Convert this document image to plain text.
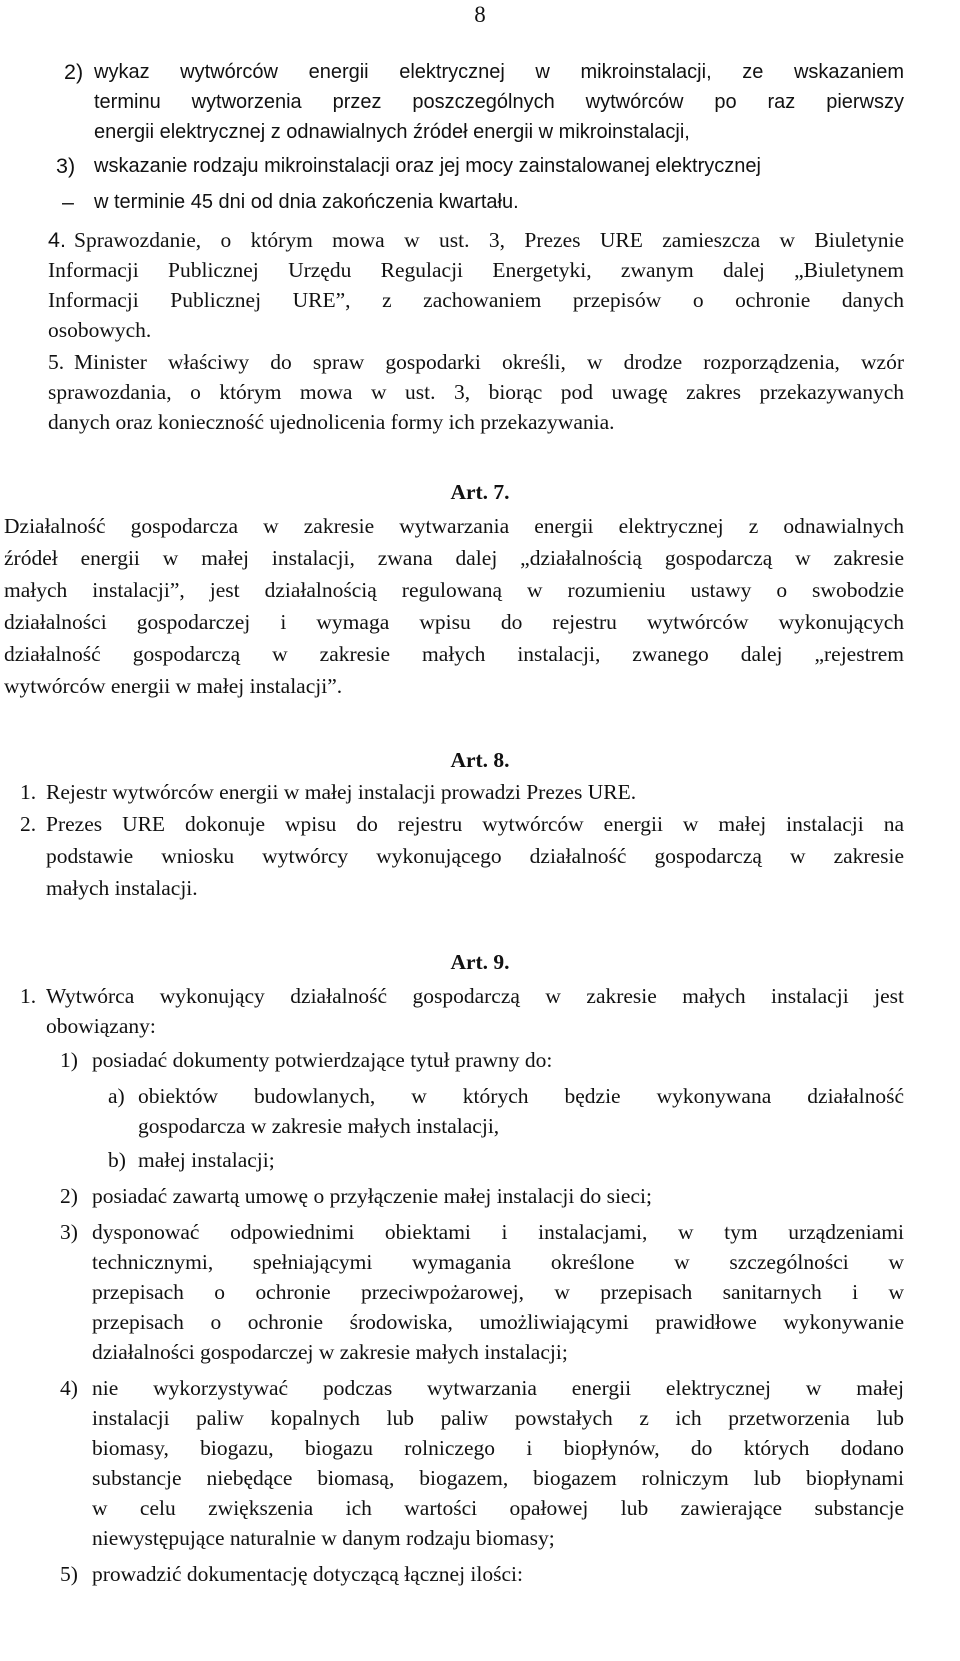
8
2) wykaz wytwórców energii elektrycznej w mikroinstalacji, ze wskazaniem
terminu wytworzenia przez poszczególnych wytwórców po raz pierwszy
energii elektrycznej z odnawialnych źródeł energii w mikroinstalacji,
3) wskazanie rodzaju mikroinstalacji oraz jej mocy zainstalowanej elektrycznej
– w terminie 45 dni od dnia zakończenia kwartału.
4. Sprawozdanie, o którym mowa w ust. 3, Prezes URE zamieszcza w Biuletynie
Informacji Publicznej Urzędu Regulacji Energetyki, zwanym dalej „Biuletynem
Informacji Publicznej URE”, z zachowaniem przepisów o ochronie danych
osobowych.
5. Minister właściwy do spraw gospodarki określi, w drodze rozporządzenia, wzór
sprawozdania, o którym mowa w ust. 3, biorąc pod uwagę zakres przekazywanych
danych oraz konieczność ujednolicenia formy ich przekazywania.
Art. 7.
Działalność gospodarcza w zakresie wytwarzania energii elektrycznej z odnawialnych
źródeł energii w małej instalacji, zwana dalej „działalnością gospodarczą w zakresie
małych instalacji”, jest działalnością regulowaną w rozumieniu ustawy o swobodzie
działalności gospodarczej i wymaga wpisu do rejestru wytwórców wykonujących
działalność gospodarczą w zakresie małych instalacji, zwanego dalej „rejestrem
wytwórców energii w małej instalacji”.
Art. 8.
1. Rejestr wytwórców energii w małej instalacji prowadzi Prezes URE.
2. Prezes URE dokonuje wpisu do rejestru wytwórców energii w małej instalacji na
podstawie wniosku wytwórcy wykonującego działalność gospodarczą w zakresie
małych instalacji.
Art. 9.
1. Wytwórca wykonujący działalność gospodarczą w zakresie małych instalacji jest
obowiązany:
1) posiadać dokumenty potwierdzające tytuł prawny do:
a) obiektów budowlanych, w których będzie wykonywana działalność
gospodarcza w zakresie małych instalacji,
b) małej instalacji;
2) posiadać zawartą umowę o przyłączenie małej instalacji do sieci;
3) dysponować odpowiednimi obiektami i instalacjami, w tym urządzeniami
technicznymi, spełniającymi wymagania określone w szczególności w
przepisach o ochronie przeciwpożarowej, w przepisach sanitarnych i w
przepisach o ochronie środowiska, umożliwiającymi prawidłowe wykonywanie
działalności gospodarczej w zakresie małych instalacji;
4) nie wykorzystywać podczas wytwarzania energii elektrycznej w małej
instalacji paliw kopalnych lub paliw powstałych z ich przetworzenia lub
biomasy, biogazu, biogazu rolniczego i biopłynów, do których dodano
substancje niebędące biomasą, biogazem, biogazem rolniczym lub biopłynami
w celu zwiększenia ich wartości opałowej lub zawierające substancje
niewystępujące naturalnie w danym rodzaju biomasy;
5) prowadzić dokumentację dotyczącą łącznej ilości:
